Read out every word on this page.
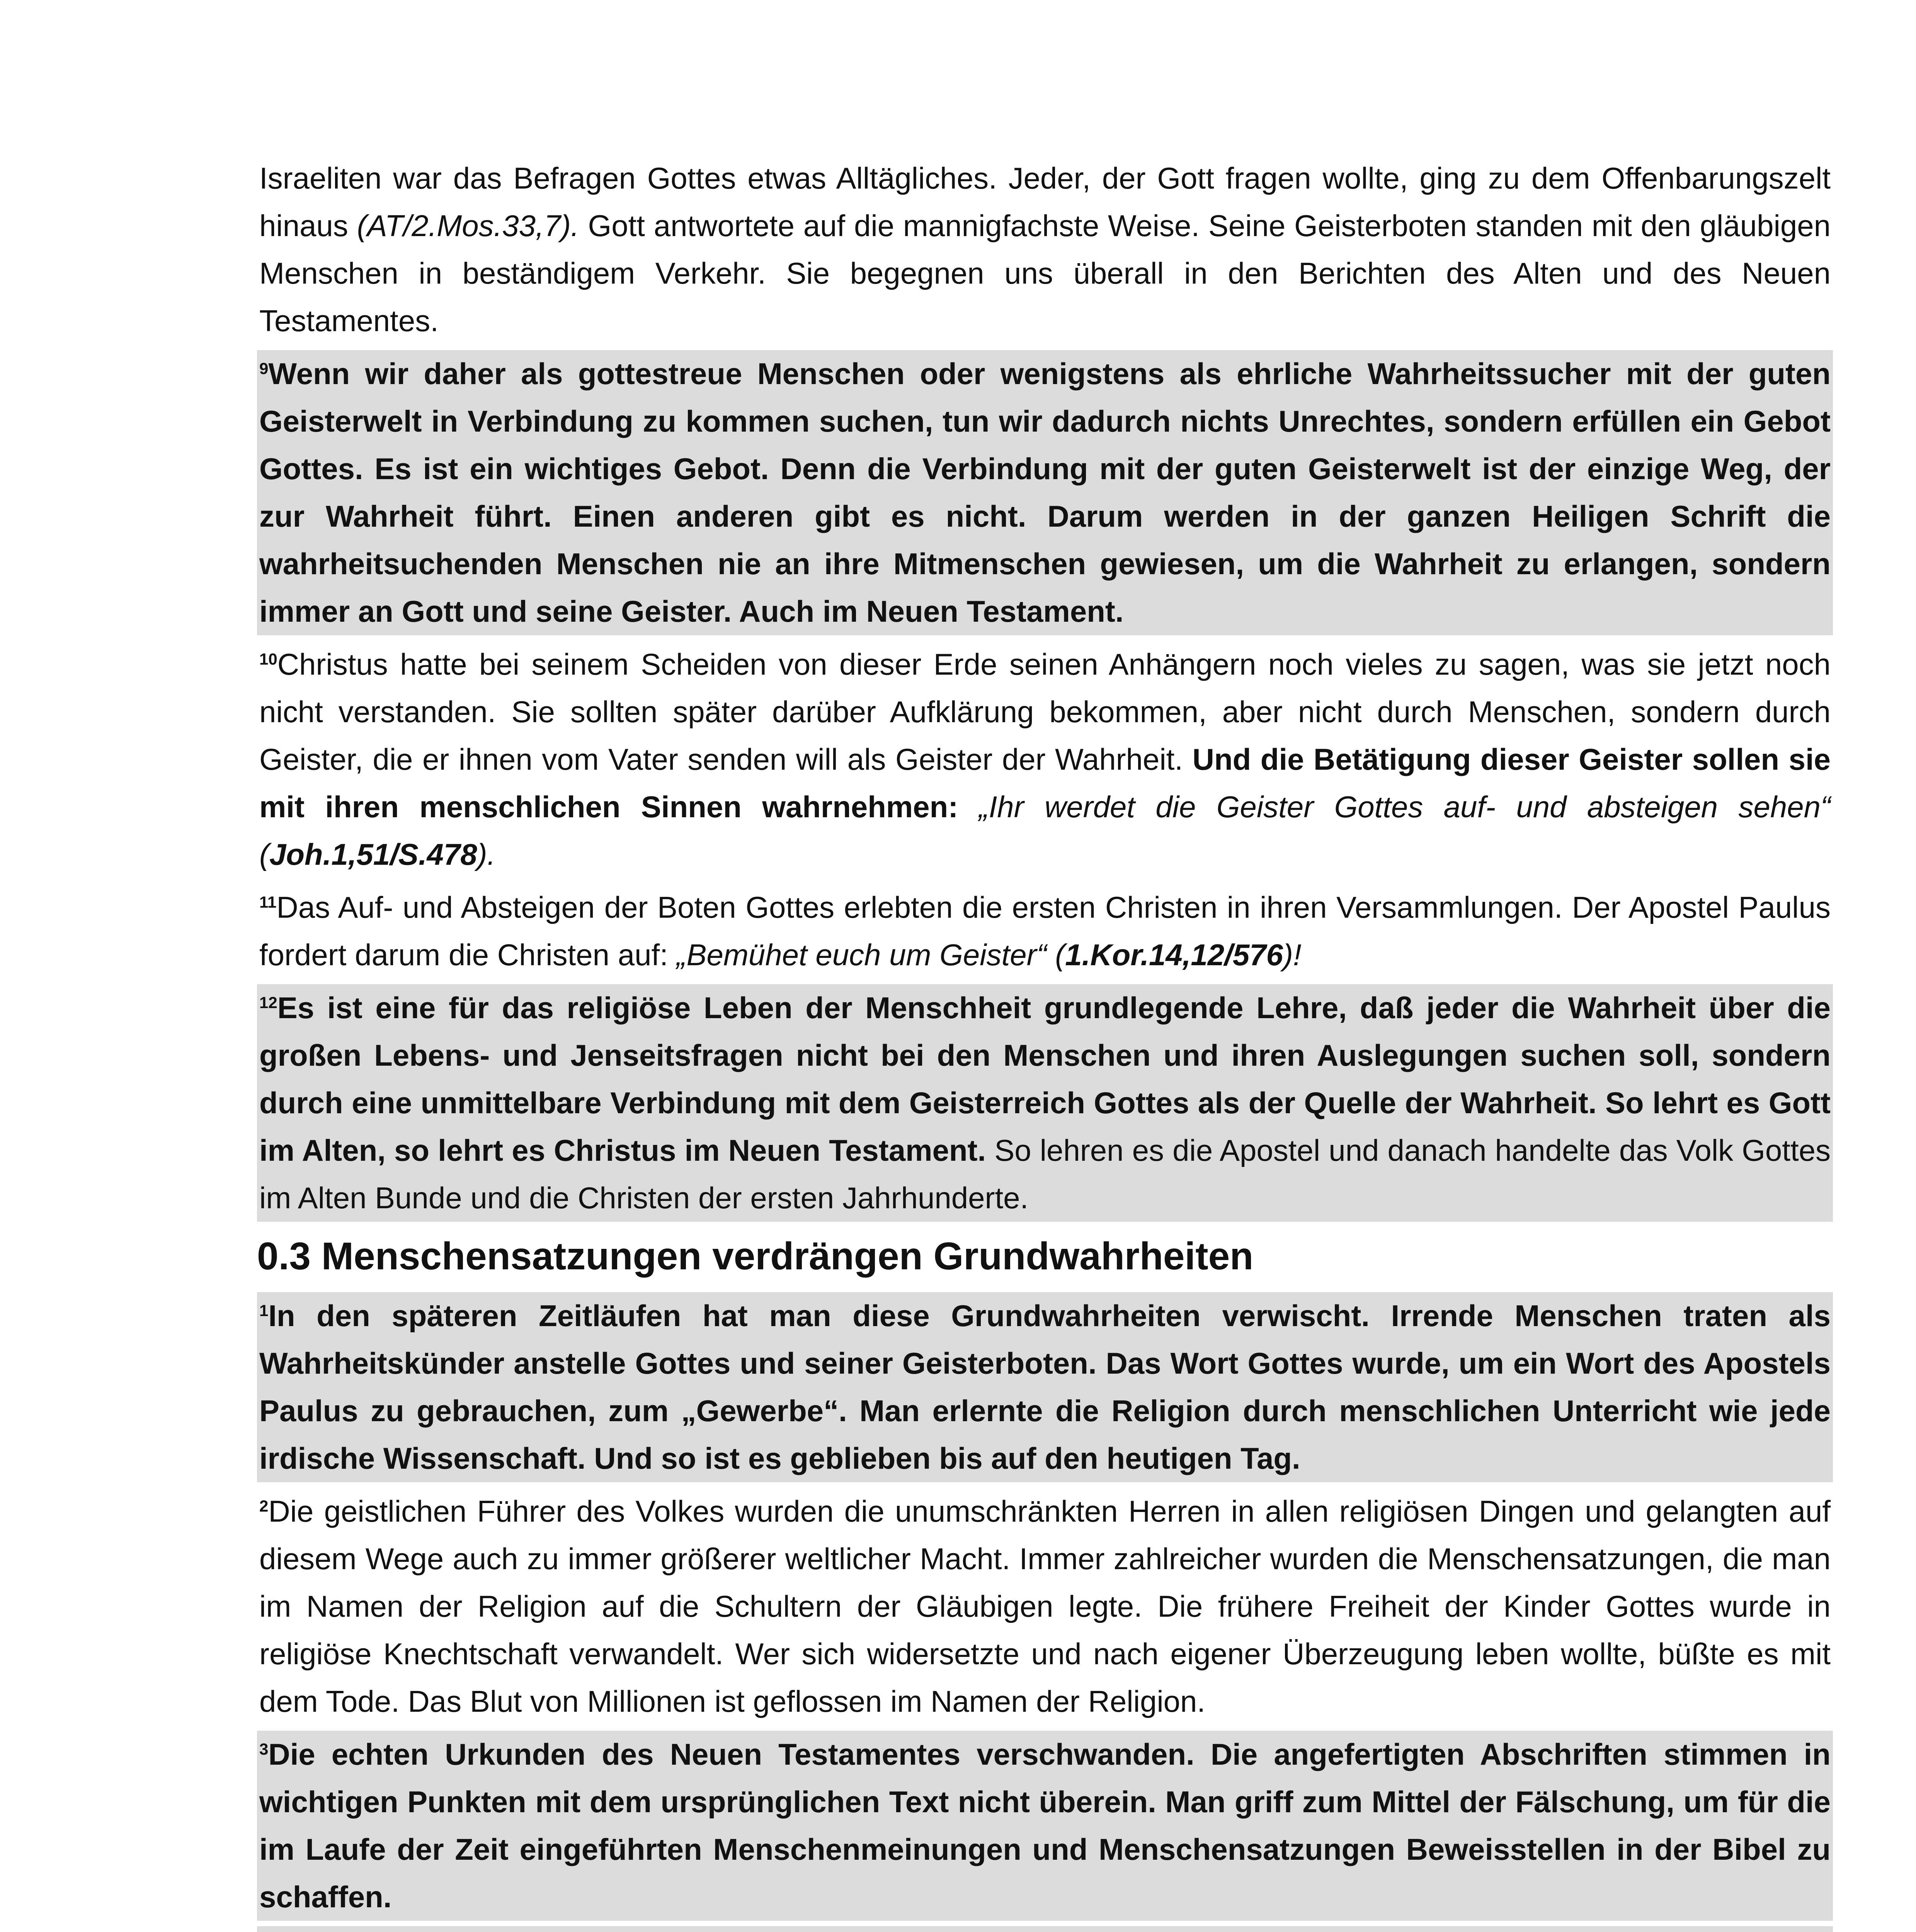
Israeliten war das Befragen Gottes etwas Alltägliches. Jeder, der Gott fragen wollte, ging zu dem Offenbarungszelt hinaus (AT/2.Mos.33,7). Gott antwortete auf die mannigfachste Weise. Seine Geisterboten standen mit den gläubigen Menschen in beständigem Verkehr. Sie begegnen uns überall in den Berichten des Alten und des Neuen Testamentes.

$^9$Wenn wir daher als gottestreue Menschen oder wenigstens als ehrliche Wahrheitssucher mit der guten Geisterwelt in Verbindung zu kommen suchen, tun wir dadurch nichts Unrechtes, sondern erfüllen ein Gebot Gottes. Es ist ein wichtiges Gebot. Denn die Verbindung mit der guten Geisterwelt ist der einzige Weg, der zur Wahrheit führt. Einen anderen gibt es nicht. Darum werden in der ganzen Heiligen Schrift die wahrheitsuchenden Menschen nie an ihre Mitmenschen gewiesen, um die Wahrheit zu erlangen, sondern immer an Gott und seine Geister. Auch im Neuen Testament.

$^{10}$Christus hatte bei seinem Scheiden von dieser Erde seinen Anhängern noch vieles zu sagen, was sie jetzt noch nicht verstanden. Sie sollten später darüber Aufklärung bekommen, aber nicht durch Menschen, sondern durch Geister, die er ihnen vom Vater senden will als Geister der Wahrheit. Und die Betätigung dieser Geister sollen sie mit ihren menschlichen Sinnen wahrnehmen: „Ihr werdet die Geister Gottes auf- und absteigen sehen“ (Joh.1,51/S.478).

$^{11}$Das Auf- und Absteigen der Boten Gottes erlebten die ersten Christen in ihren Versammlungen. Der Apostel Paulus fordert darum die Christen auf: „Bemühet euch um Geister“ (1.Kor.14,12/576)!

$^{12}$Es ist eine für das religiöse Leben der Menschheit grundlegende Lehre, daß jeder die Wahrheit über die großen Lebens- und Jenseitsfragen nicht bei den Menschen und ihren Auslegungen suchen soll, sondern durch eine unmittelbare Verbindung mit dem Geisterreich Gottes als der Quelle der Wahrheit. So lehrt es Gott im Alten, so lehrt es Christus im Neuen Testament. So lehren es die Apostel und danach handelte das Volk Gottes im Alten Bunde und die Christen der ersten Jahrhunderte.

0.3 Menschensatzungen verdrängen Grundwahrheiten

$^1$In den späteren Zeitläufen hat man diese Grundwahrheiten verwischt. Irrende Menschen traten als Wahrheitskünder anstelle Gottes und seiner Geisterboten. Das Wort Gottes wurde, um ein Wort des Apostels Paulus zu gebrauchen, zum „Gewerbe“. Man erlernte die Religion durch menschlichen Unterricht wie jede irdische Wissenschaft. Und so ist es geblieben bis auf den heutigen Tag.

$^2$Die geistlichen Führer des Volkes wurden die unumschränkten Herren in allen religiösen Dingen und gelangten auf diesem Wege auch zu immer größerer weltlicher Macht. Immer zahlreicher wurden die Menschensatzungen, die man im Namen der Religion auf die Schultern der Gläubigen legte. Die frühere Freiheit der Kinder Gottes wurde in religiöse Knechtschaft verwandelt. Wer sich widersetzte und nach eigener Überzeugung leben wollte, büßte es mit dem Tode. Das Blut von Millionen ist geflossen im Namen der Religion.

$^3$Die echten Urkunden des Neuen Testamentes verschwanden. Die angefertigten Abschriften stimmen in wichtigen Punkten mit dem ursprünglichen Text nicht überein. Man griff zum Mittel der Fälschung, um für die im Laufe der Zeit eingeführten Menschenmeinungen und Menschensatzungen Beweisstellen in der Bibel zu schaffen.
